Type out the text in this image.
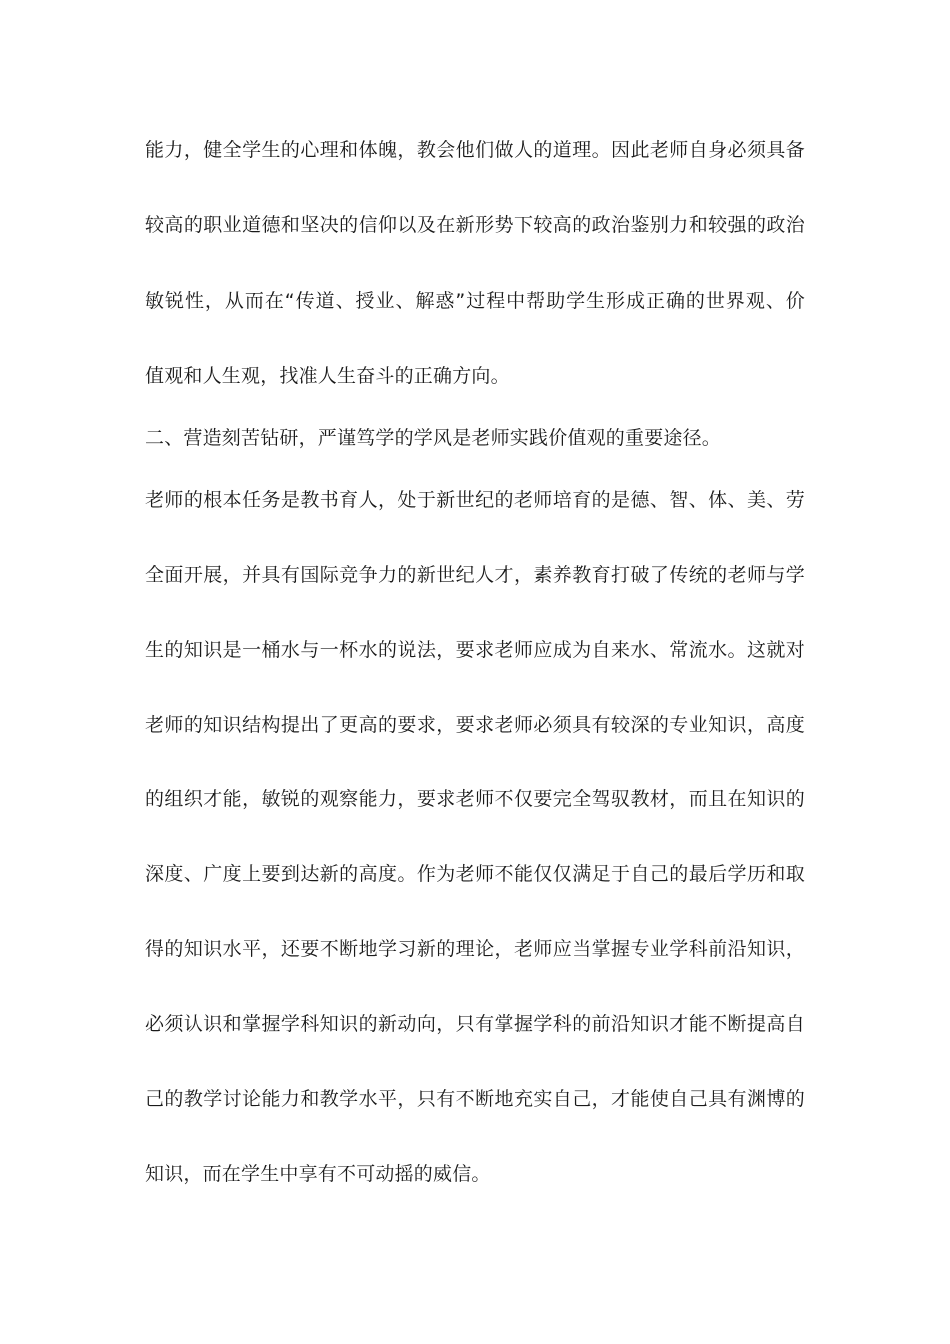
能力，健全学生的心理和体魄，教会他们做人的道理。因此老师自身必须具备
较高的职业道德和坚决的信仰以及在新形势下较高的政治鉴别力和较强的政治
敏锐性，从而在“传道、授业、解惑”过程中帮助学生形成正确的世界观、价
值观和人生观，找准人生奋斗的正确方向。
二、营造刻苦钻研，严谨笃学的学风是老师实践价值观的重要途径。
老师的根本任务是教书育人，处于新世纪的老师培育的是德、智、体、美、劳
全面开展，并具有国际竞争力的新世纪人才，素养教育打破了传统的老师与学
生的知识是一桶水与一杯水的说法，要求老师应成为自来水、常流水。这就对
老师的知识结构提出了更高的要求，要求老师必须具有较深的专业知识，高度
的组织才能，敏锐的观察能力，要求老师不仅要完全驾驭教材，而且在知识的
深度、广度上要到达新的高度。作为老师不能仅仅满足于自己的最后学历和取
得的知识水平，还要不断地学习新的理论，老师应当掌握专业学科前沿知识，
必须认识和掌握学科知识的新动向，只有掌握学科的前沿知识才能不断提高自
己的教学讨论能力和教学水平，只有不断地充实自己，才能使自己具有渊博的
知识，而在学生中享有不可动摇的威信。
